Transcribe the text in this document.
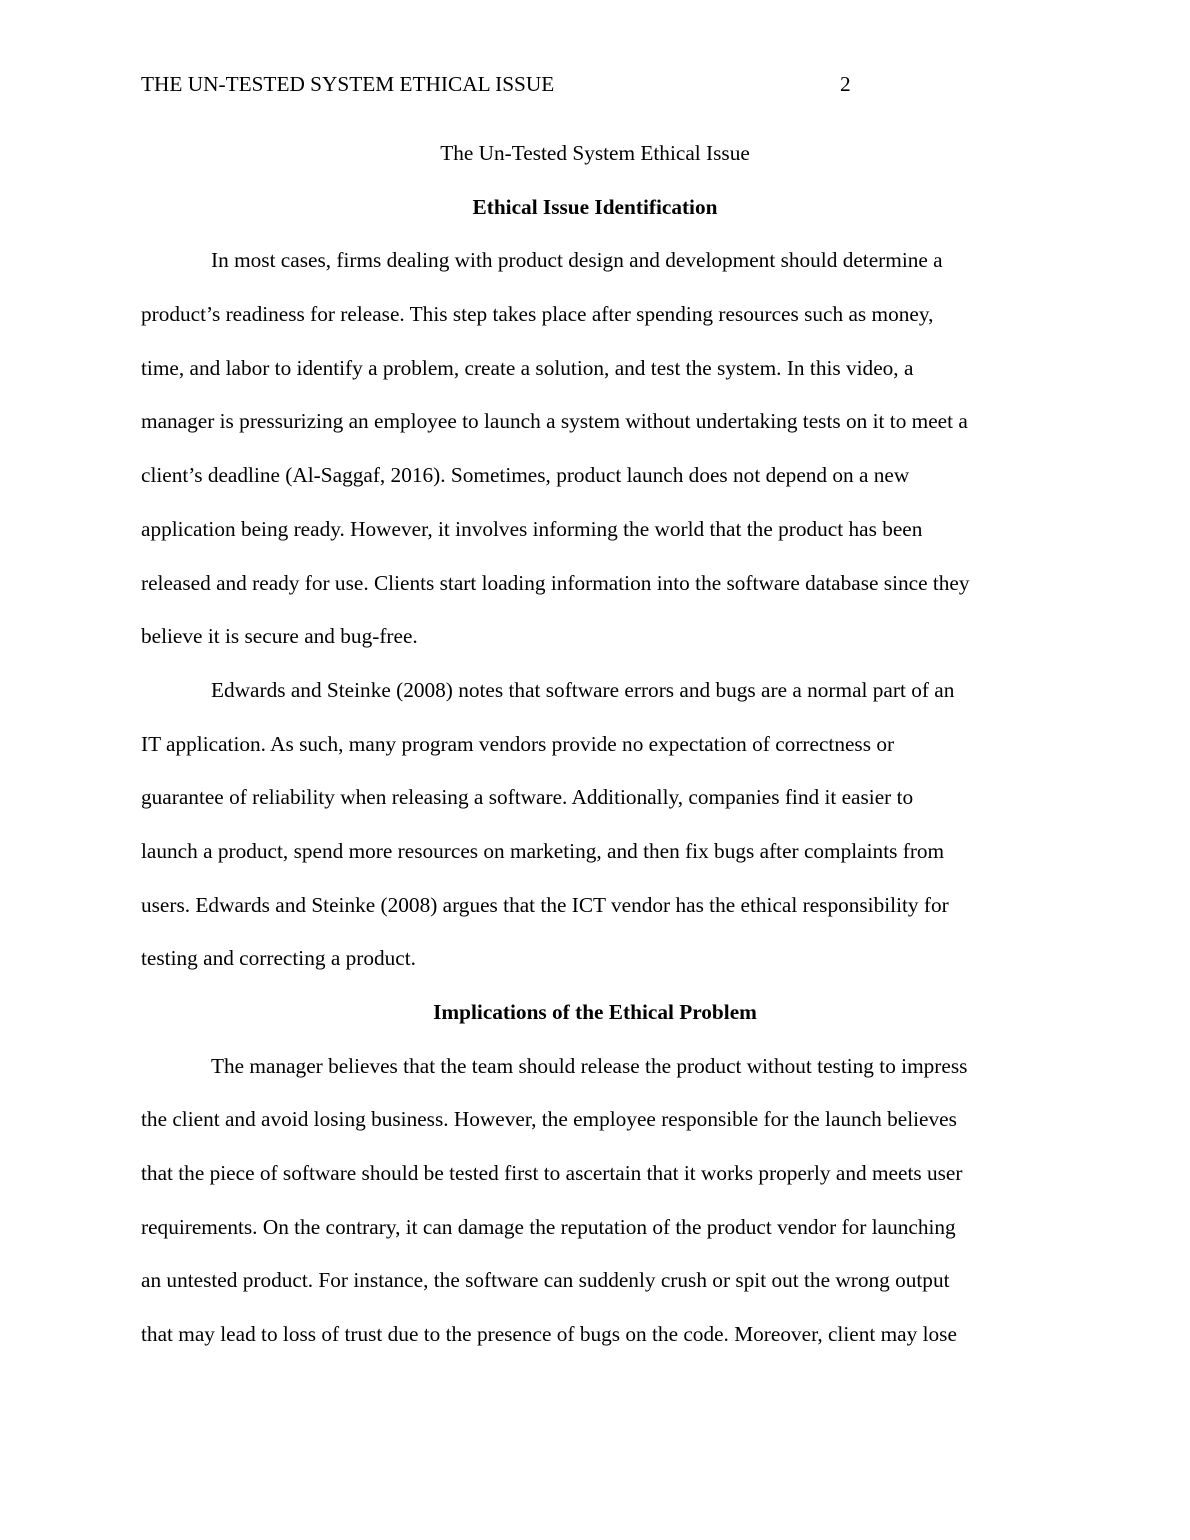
THE UN-TESTED SYSTEM ETHICAL ISSUE	2

The Un-Tested System Ethical Issue

Ethical Issue Identification

In most cases, firms dealing with product design and development should determine a
product’s readiness for release. This step takes place after spending resources such as money,
time, and labor to identify a problem, create a solution, and test the system. In this video, a
manager is pressurizing an employee to launch a system without undertaking tests on it to meet a
client’s deadline (Al-Saggaf, 2016). Sometimes, product launch does not depend on a new
application being ready. However, it involves informing the world that the product has been
released and ready for use. Clients start loading information into the software database since they
believe it is secure and bug-free.
Edwards and Steinke (2008) notes that software errors and bugs are a normal part of an
IT application. As such, many program vendors provide no expectation of correctness or
guarantee of reliability when releasing a software. Additionally, companies find it easier to
launch a product, spend more resources on marketing, and then fix bugs after complaints from
users. Edwards and Steinke (2008) argues that the ICT vendor has the ethical responsibility for
testing and correcting a product.

Implications of the Ethical Problem

The manager believes that the team should release the product without testing to impress
the client and avoid losing business. However, the employee responsible for the launch believes
that the piece of software should be tested first to ascertain that it works properly and meets user
requirements. On the contrary, it can damage the reputation of the product vendor for launching
an untested product. For instance, the software can suddenly crush or spit out the wrong output
that may lead to loss of trust due to the presence of bugs on the code. Moreover, client may lose
